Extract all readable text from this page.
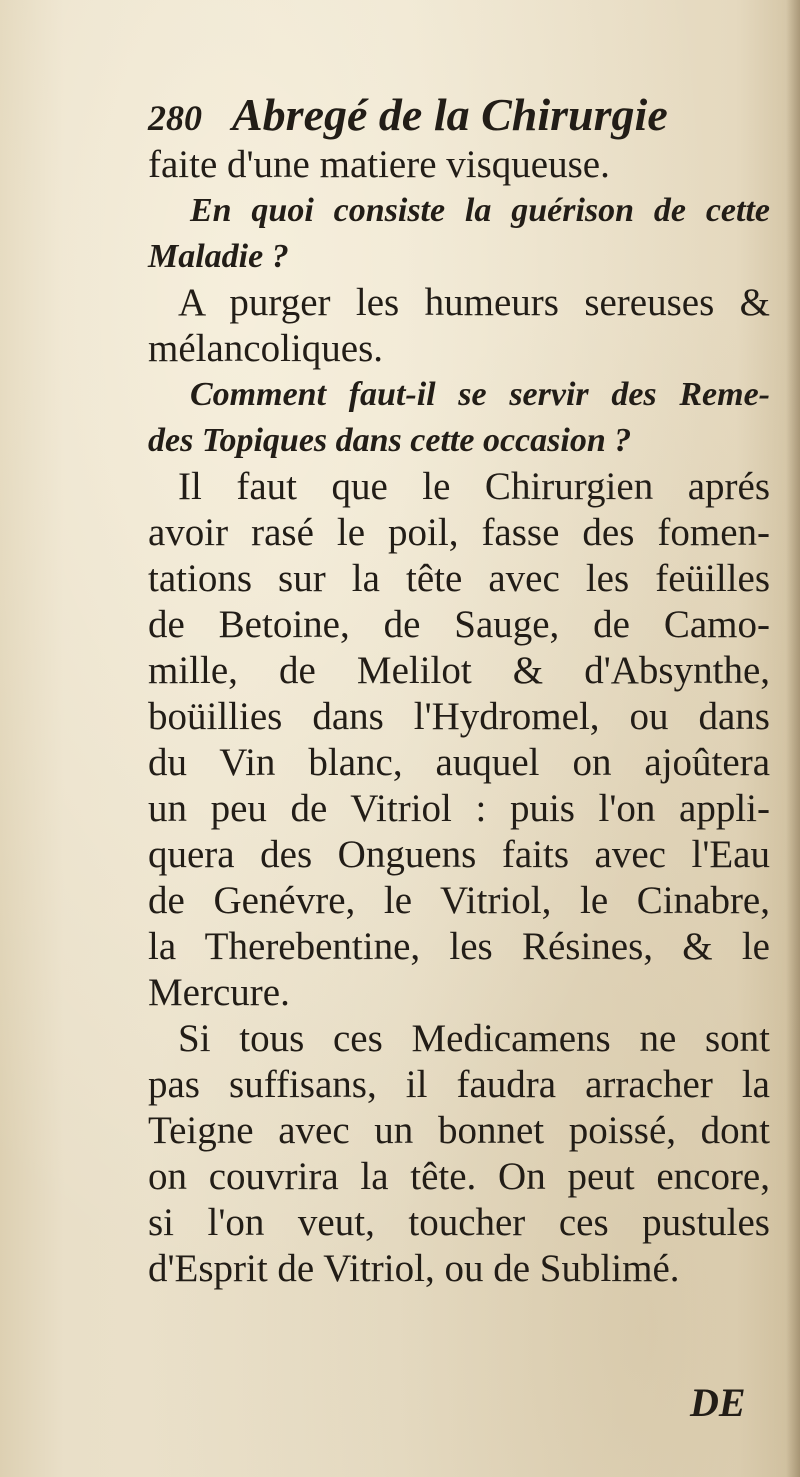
280 Abregé de la Chirurgie
faite d'une matiere visqueuse.
En quoi consiste la guérison de cette
Maladie ?
A purger les humeurs sereuses &
mélancoliques.
Comment faut-il se servir des Reme-
des Topiques dans cette occasion ?
Il faut que le Chirurgien aprés
avoir rasé le poil, fasse des fomen-
tations sur la tête avec les feüilles
de Betoine, de Sauge, de Camo-
mille, de Melilot & d'Absynthe,
boüillies dans l'Hydromel, ou dans
du Vin blanc, auquel on ajoûtera
un peu de Vitriol : puis l'on appli-
quera des Onguens faits avec l'Eau
de Genévre, le Vitriol, le Cinabre,
la Therebentine, les Résines, & le
Mercure.
Si tous ces Medicamens ne sont
pas suffisans, il faudra arracher la
Teigne avec un bonnet poissé, dont
on couvrira la tête. On peut encore,
si l'on veut, toucher ces pustules
d'Esprit de Vitriol, ou de Sublimé.
DE
